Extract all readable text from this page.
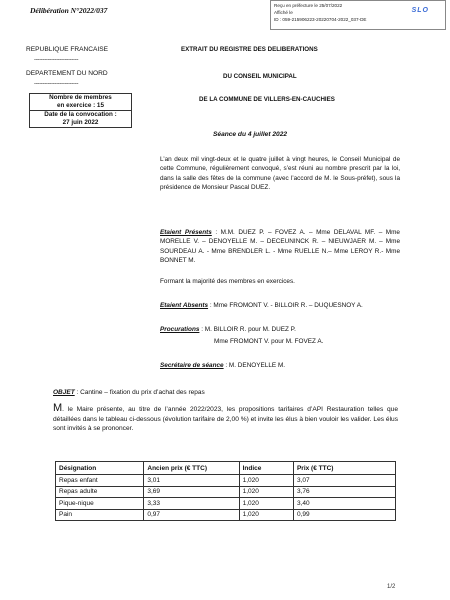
Délibération N°2022/037
Reçu en préfecture le 25/07/2022
Affiché le
ID : 059-215906223-20220704-2022_037-DE
SLO
REPUBLIQUE FRANCAISE
--------------------------
DEPARTEMENT DU NORD
--------------------------
Nombre de membres
en exercice : 15
Date de la convocation :
27 juin 2022
EXTRAIT DU REGISTRE DES DELIBERATIONS
DU CONSEIL MUNICIPAL
DE LA COMMUNE DE VILLERS-EN-CAUCHIES
Séance du 4 juillet 2022
L’an deux mil vingt-deux et le quatre juillet à vingt heures, le Conseil Municipal de cette Commune, régulièrement convoqué, s’est réuni au nombre prescrit par la loi, dans la salle des fêtes de la commune (avec l’accord de M. le Sous-préfet), sous la présidence de Monsieur Pascal DUEZ.
Etaient Présents : M.M. DUEZ P. – FOVEZ A. – Mme DELAVAL MF. – Mme MORELLE V. – DENOYELLE M. – DECEUNINCK R. – NIEUWJAER M. – Mme SOURDEAU A. - Mme BRENDLER L. - Mme RUELLE N.– Mme LEROY R.- Mme BONNET M.
Formant la majorité des membres en exercices.
Etaient Absents : Mme FROMONT V. - BILLOIR R. – DUQUESNOY A.
Procurations : M. BILLOIR R. pour M. DUEZ P.
Mme FROMONT V. pour M. FOVEZ A.
Secrétaire de séance : M. DENOYELLE M.
OBJET : Cantine – fixation du prix d’achat des repas
M. le Maire présente, au titre de l’année 2022/2023, les propositions tarifaires d’API Restauration telles que détaillées dans le tableau ci-dessous (évolution tarifaire de 2,00 %) et invite les élus à bien vouloir les valider. Les élus sont invités à se prononcer.
Désignation	Ancien prix (€ TTC)	Indice	Prix (€ TTC)
Repas enfant	3,01	1,020	3,07
Repas adulte	3,69	1,020	3,76
Pique-nique	3,33	1,020	3,40
Pain	0,97	1,020	0,99
1/2
